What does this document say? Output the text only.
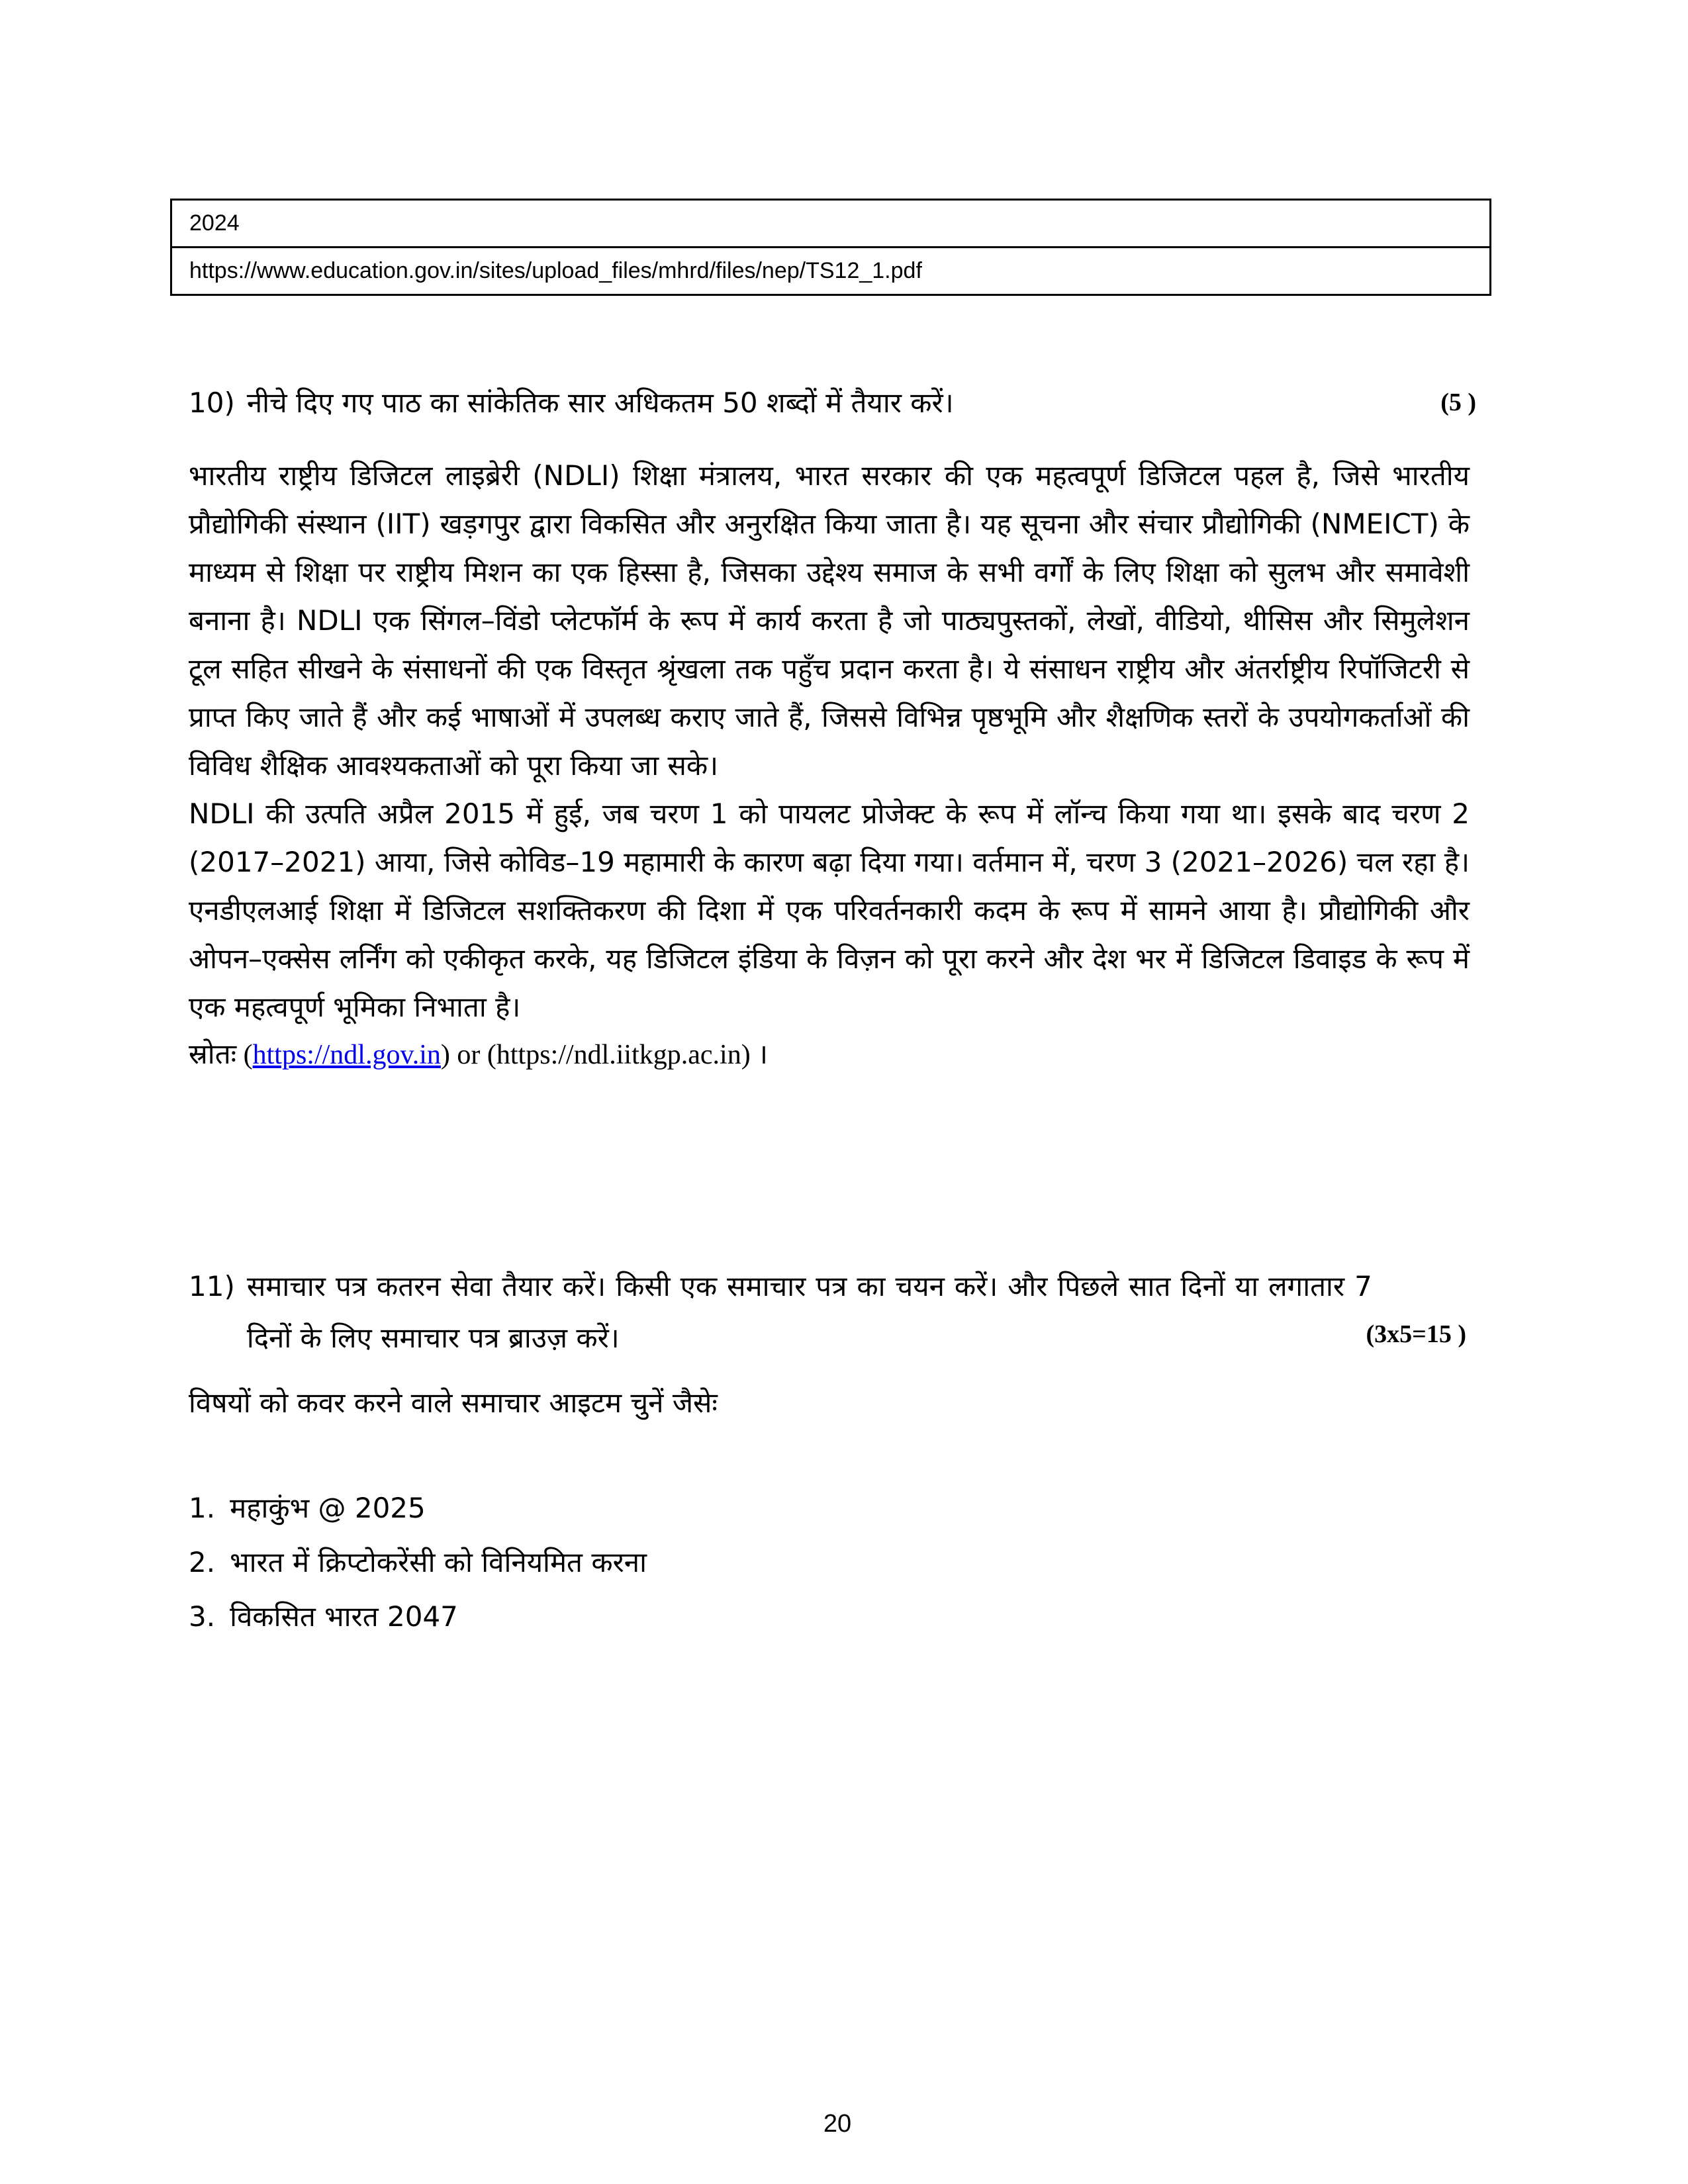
2024
https://www.education.gov.in/sites/upload_files/mhrd/files/nep/TS12_1.pdf
10) नीचे दिए गए पाठ का सांकेतिक सार अधिकतम 50 शब्दों में तैयार करें।	(5 )

भारतीय राष्ट्रीय डिजिटल लाइब्रेरी (NDLI) शिक्षा मंत्रालय, भारत सरकार की एक महत्वपूर्ण डिजिटल पहल है, जिसे भारतीय प्रौद्योगिकी संस्थान (IIT) खड़गपुर द्वारा विकसित और अनुरक्षित किया जाता है। यह सूचना और संचार प्रौद्योगिकी (NMEICT) के माध्यम से शिक्षा पर राष्ट्रीय मिशन का एक हिस्सा है, जिसका उद्देश्य समाज के सभी वर्गों के लिए शिक्षा को सुलभ और समावेशी बनाना है। NDLI एक सिंगल–विंडो प्लेटफॉर्म के रूप में कार्य करता है जो पाठ्यपुस्तकों, लेखों, वीडियो, थीसिस और सिमुलेशन टूल सहित सीखने के संसाधनों की एक विस्तृत श्रृंखला तक पहुँच प्रदान करता है। ये संसाधन राष्ट्रीय और अंतर्राष्ट्रीय रिपॉजिटरी से प्राप्त किए जाते हैं और कई भाषाओं में उपलब्ध कराए जाते हैं, जिससे विभिन्न पृष्ठभूमि और शैक्षणिक स्तरों के उपयोगकर्ताओं की विविध शैक्षिक आवश्यकताओं को पूरा किया जा सके।

NDLI की उत्पति अप्रैल 2015 में हुई, जब चरण 1 को पायलट प्रोजेक्ट के रूप में लॉन्च किया गया था। इसके बाद चरण 2 (2017–2021) आया, जिसे कोविड–19 महामारी के कारण बढ़ा दिया गया। वर्तमान में, चरण 3 (2021–2026) चल रहा है। एनडीएलआई शिक्षा में डिजिटल सशक्तिकरण की दिशा में एक परिवर्तनकारी कदम के रूप में सामने आया है। प्रौद्योगिकी और ओपन–एक्सेस लर्निंग को एकीकृत करके, यह डिजिटल इंडिया के विज़न को पूरा करने और देश भर में डिजिटल डिवाइड के रूप में एक महत्वपूर्ण भूमिका निभाता है।

स्रोतः (https://ndl.gov.in) or (https://ndl.iitkgp.ac.in) ।

11) समाचार पत्र कतरन सेवा तैयार करें। किसी एक समाचार पत्र का चयन करें। और पिछले सात दिनों या लगातार 7 दिनों के लिए समाचार पत्र ब्राउज़ करें।	(3x5=15 )
विषयों को कवर करने वाले समाचार आइटम चुनें जैसेः
1. महाकुंभ @ 2025
2. भारत में क्रिप्टोकरेंसी को विनियमित करना
3. विकसित भारत 2047
20
